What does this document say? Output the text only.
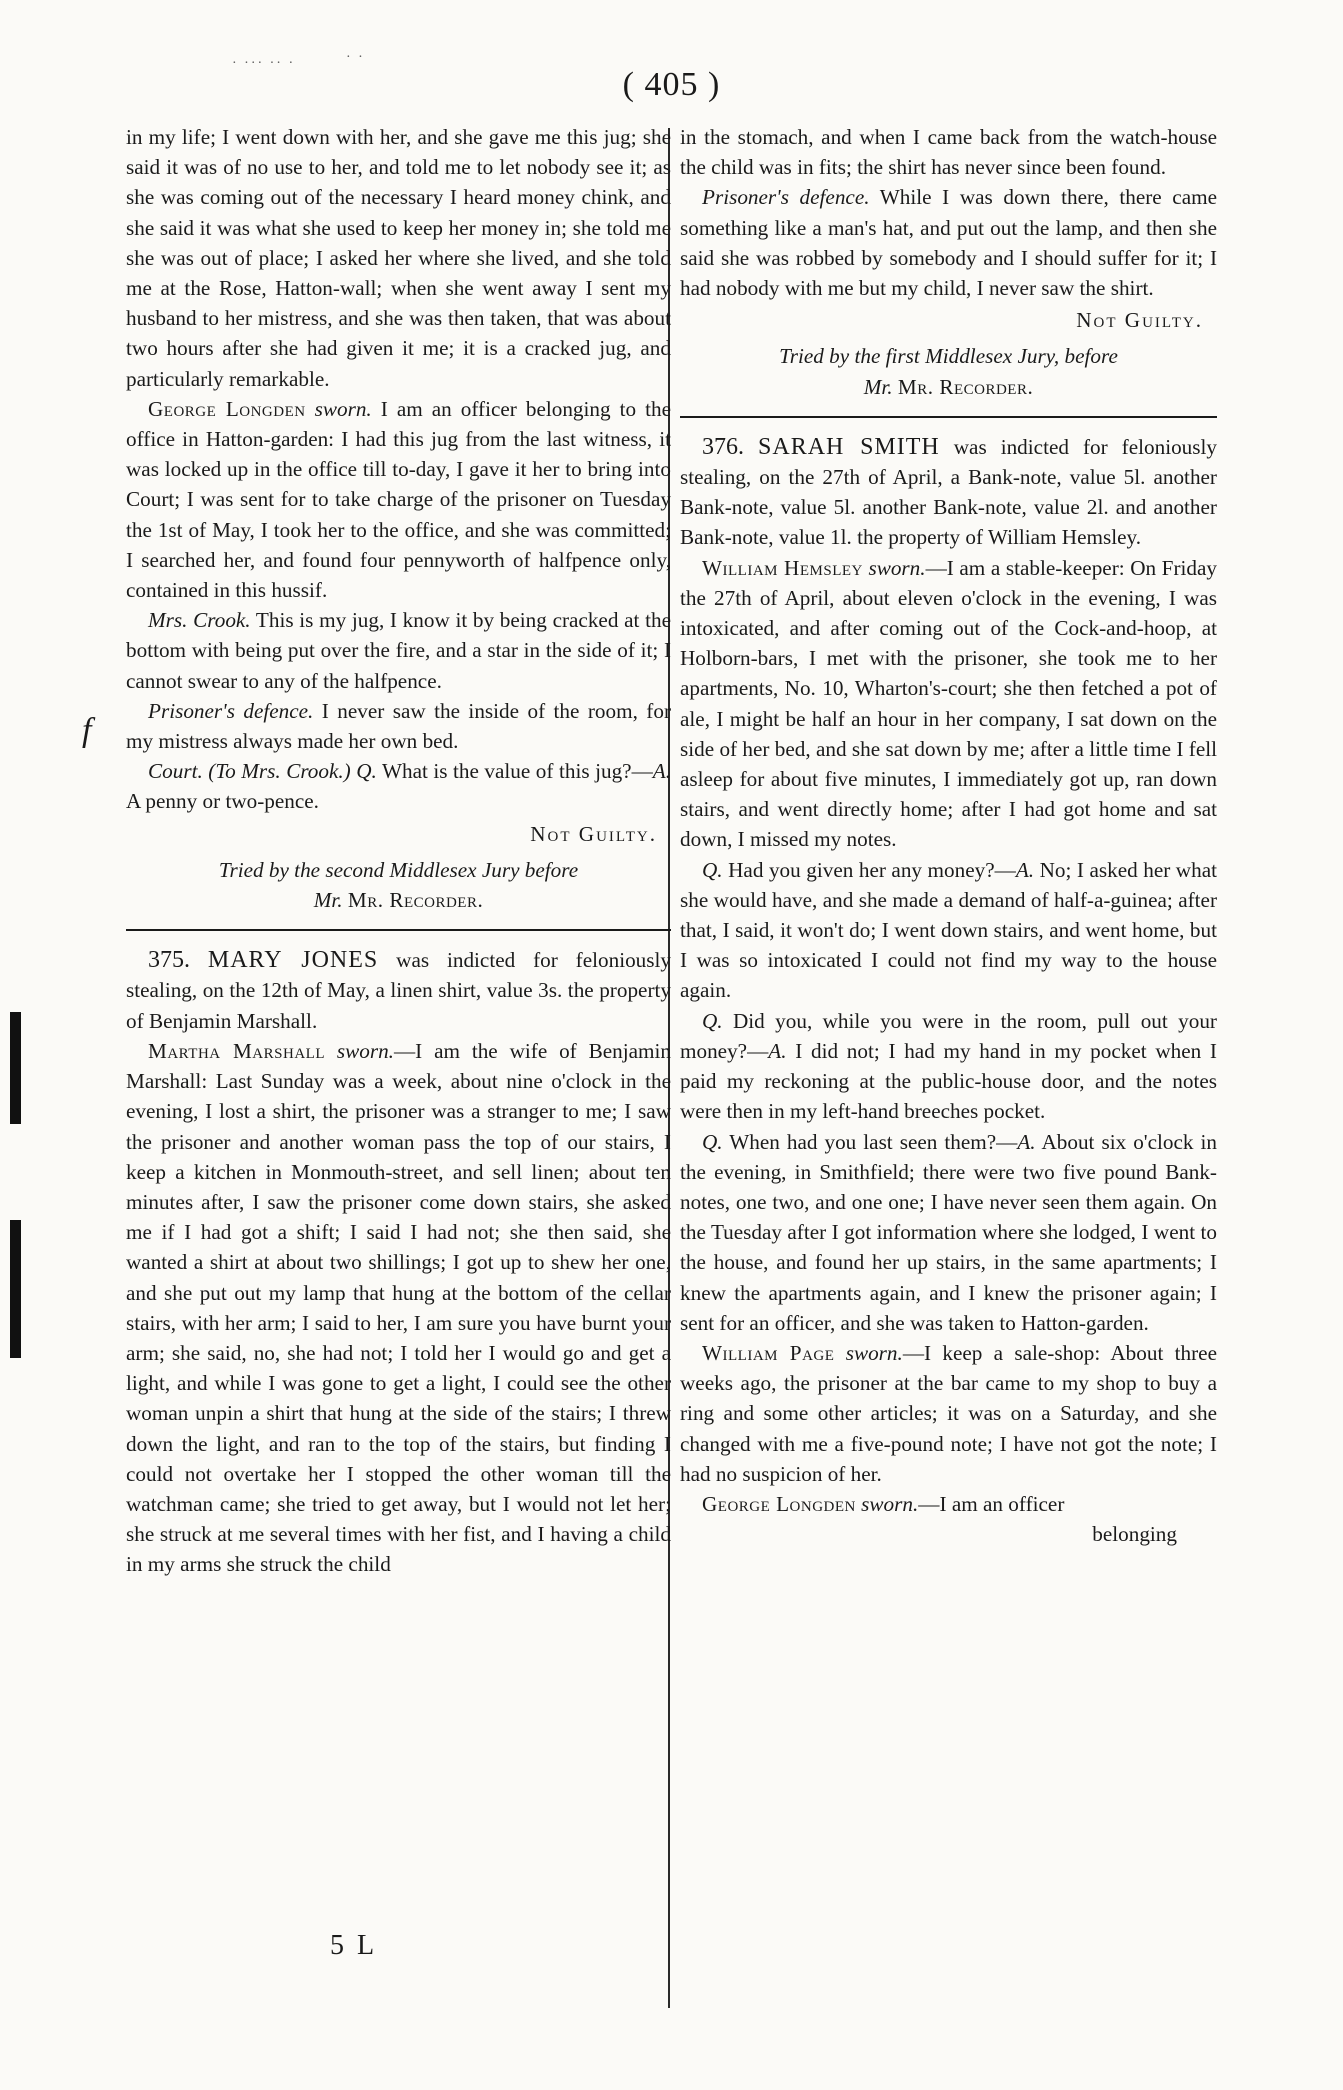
· ··· ·· ·	· ·
( 405 )
f

in my life; I went down with her, and she gave me this jug; she said it was of no use to her, and told me to let nobody see it; as she was coming out of the necessary I heard money chink, and she said it was what she used to keep her money in; she told me she was out of place; I asked her where she lived, and she told me at the Rose, Hatton-wall; when she went away I sent my husband to her mistress, and she was then taken, that was about two hours after she had given it me; it is a cracked jug, and particularly remarkable.

George Longden sworn. I am an officer belonging to the office in Hatton-garden: I had this jug from the last witness, it was locked up in the office till to-day, I gave it her to bring into Court; I was sent for to take charge of the prisoner on Tuesday the 1st of May, I took her to the office, and she was committed; I searched her, and found four pennyworth of halfpence only, contained in this hussif.

Mrs. Crook. This is my jug, I know it by being cracked at the bottom with being put over the fire, and a star in the side of it; I cannot swear to any of the halfpence.

Prisoner's defence. I never saw the inside of the room, for my mistress always made her own bed.

Court. (To Mrs. Crook.) Q. What is the value of this jug?—A. A penny or two-pence.

Not Guilty.

Tried by the second Middlesex Jury before

Mr. Mr. Recorder.

375. MARY JONES was indicted for feloniously stealing, on the 12th of May, a linen shirt, value 3s. the property of Benjamin Marshall.

Martha Marshall sworn.—I am the wife of Benjamin Marshall: Last Sunday was a week, about nine o'clock in the evening, I lost a shirt, the prisoner was a stranger to me; I saw the prisoner and another woman pass the top of our stairs, I keep a kitchen in Monmouth-street, and sell linen; about ten minutes after, I saw the prisoner come down stairs, she asked me if I had got a shift; I said I had not; she then said, she wanted a shirt at about two shillings; I got up to shew her one, and she put out my lamp that hung at the bottom of the cellar stairs, with her arm; I said to her, I am sure you have burnt your arm; she said, no, she had not; I told her I would go and get a light, and while I was gone to get a light, I could see the other woman unpin a shirt that hung at the side of the stairs; I threw down the light, and ran to the top of the stairs, but finding I could not overtake her I stopped the other woman till the watchman came; she tried to get away, but I would not let her; she struck at me several times with her fist, and I having a child in my arms she struck the child

in the stomach, and when I came back from the watch-house the child was in fits; the shirt has never since been found.

Prisoner's defence. While I was down there, there came something like a man's hat, and put out the lamp, and then she said she was robbed by somebody and I should suffer for it; I had nobody with me but my child, I never saw the shirt.

Not Guilty.

Tried by the first Middlesex Jury, before

Mr. Mr. Recorder.

376. SARAH SMITH was indicted for feloniously stealing, on the 27th of April, a Bank-note, value 5l. another Bank-note, value 5l. another Bank-note, value 2l. and another Bank-note, value 1l. the property of William Hemsley.

William Hemsley sworn.—I am a stable-keeper: On Friday the 27th of April, about eleven o'clock in the evening, I was intoxicated, and after coming out of the Cock-and-hoop, at Holborn-bars, I met with the prisoner, she took me to her apartments, No. 10, Wharton's-court; she then fetched a pot of ale, I might be half an hour in her company, I sat down on the side of her bed, and she sat down by me; after a little time I fell asleep for about five minutes, I immediately got up, ran down stairs, and went directly home; after I had got home and sat down, I missed my notes.

Q. Had you given her any money?—A. No; I asked her what she would have, and she made a demand of half-a-guinea; after that, I said, it won't do; I went down stairs, and went home, but I was so intoxicated I could not find my way to the house again.

Q. Did you, while you were in the room, pull out your money?—A. I did not; I had my hand in my pocket when I paid my reckoning at the public-house door, and the notes were then in my left-hand breeches pocket.

Q. When had you last seen them?—A. About six o'clock in the evening, in Smithfield; there were two five pound Bank-notes, one two, and one one; I have never seen them again. On the Tuesday after I got information where she lodged, I went to the house, and found her up stairs, in the same apartments; I knew the apartments again, and I knew the prisoner again; I sent for an officer, and she was taken to Hatton-garden.

William Page sworn.—I keep a sale-shop: About three weeks ago, the prisoner at the bar came to my shop to buy a ring and some other articles; it was on a Saturday, and she changed with me a five-pound note; I have not got the note; I had no suspicion of her.

George Longden sworn.—I am an officer

belonging

5 L
